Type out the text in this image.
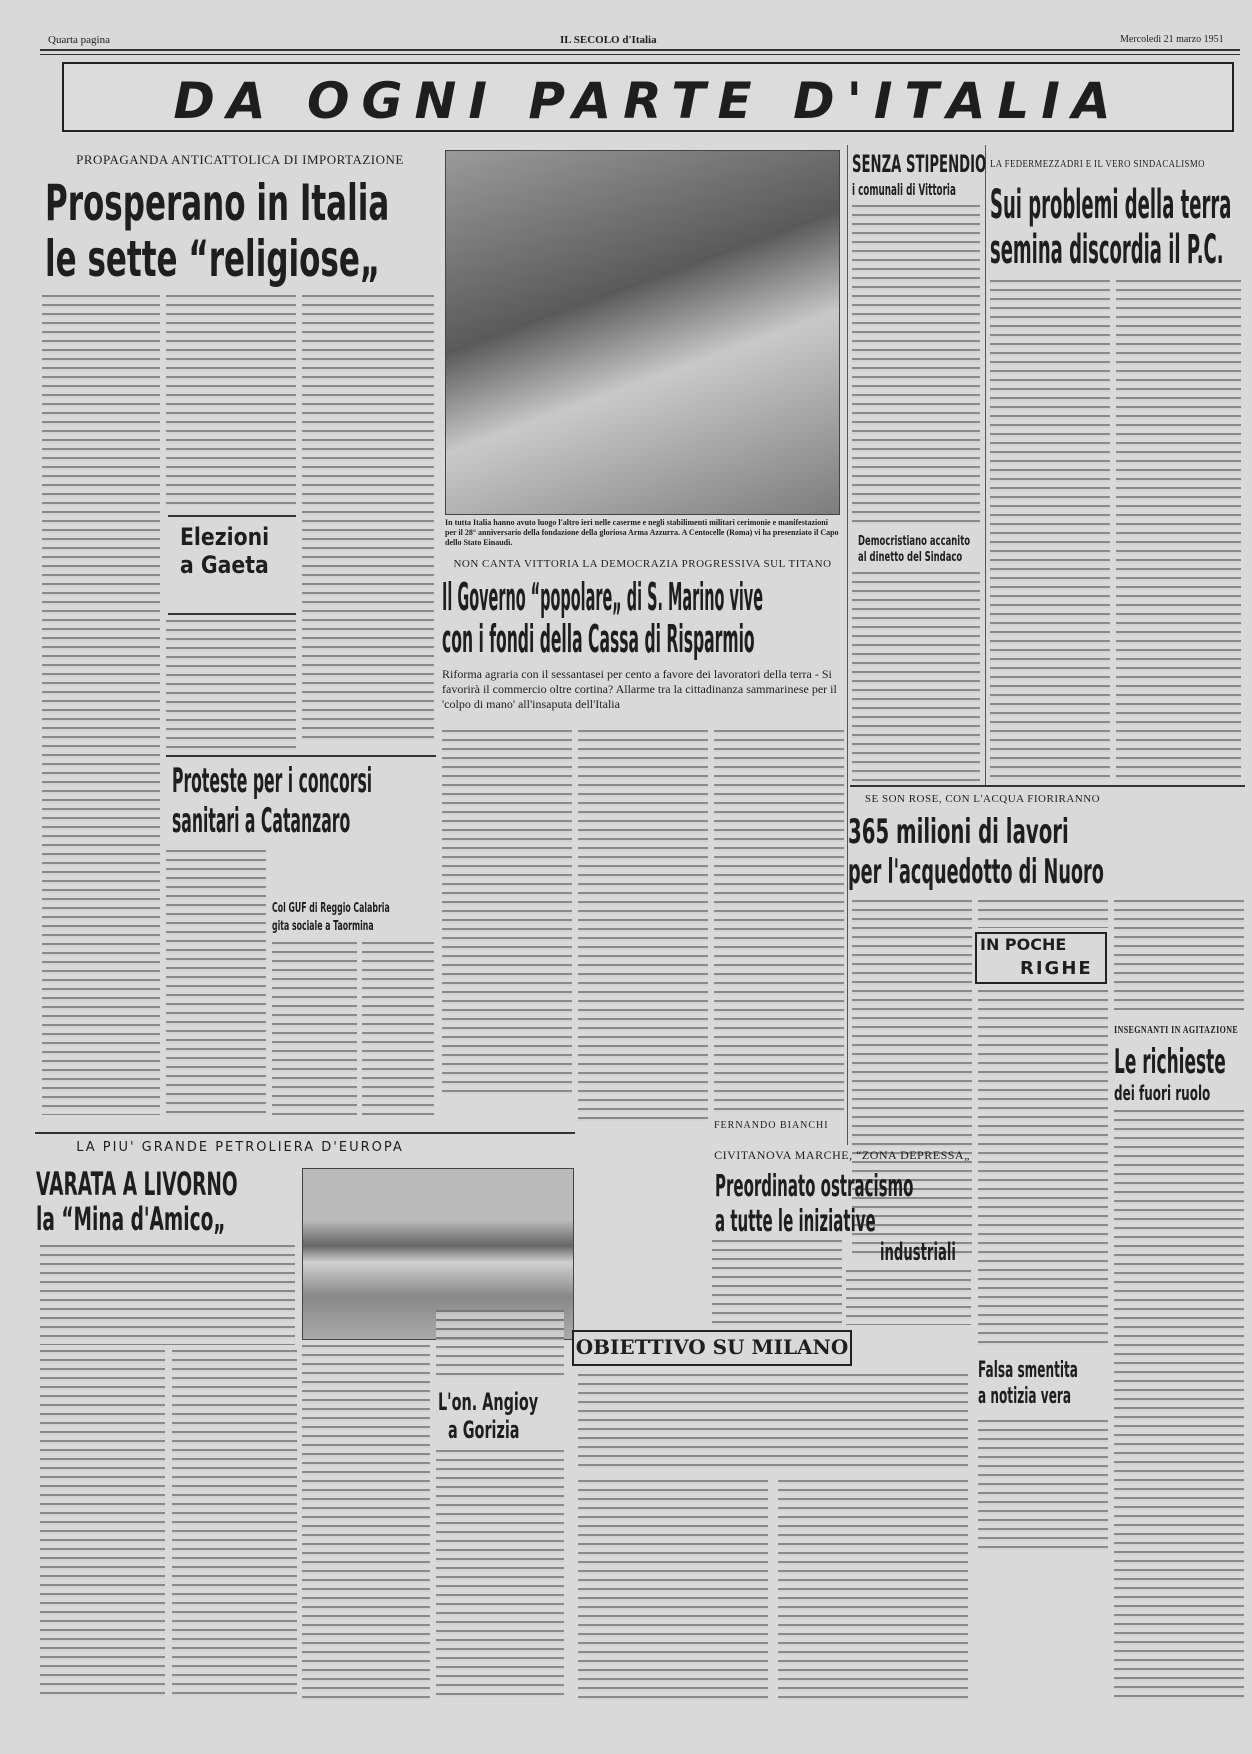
Quarta pagina	IL SECOLO d'Italia	Mercoledì 21 marzo 1951
DA OGNI PARTE D'ITALIA
PROPAGANDA ANTICATTOLICA DI IMPORTAZIONE
Prosperano in Italia
le sette “religiose„
Elezioni
a Gaeta
Proteste per i concorsi
sanitari a Catanzaro
Col GUF di Reggio Calabria
gita sociale a Taormina
In tutta Italia hanno avuto luogo l'altro ieri nelle caserme e negli stabilimenti militari cerimonie e manifestazioni per il 28° anniversario della fondazione della gloriosa Arma Azzurra. A Centocelle (Roma) vi ha presenziato il Capo dello Stato Einaudi.
NON CANTA VITTORIA LA DEMOCRAZIA PROGRESSIVA SUL TITANO
Il Governo “popolare„ di S. Marino vive
con i fondi della Cassa di Risparmio
Riforma agraria con il sessantasei per cento a favore dei lavoratori della terra - Si favorirà il commercio oltre cortina? Allarme tra la cittadinanza sammarinese per il 'colpo di mano' all'insaputa dell'Italia
FERNANDO BIANCHI
SENZA STIPENDIO
i comunali di Vittoria
Democristiano accanito
al dinetto del Sindaco
LA FEDERMEZZADRI E IL VERO SINDACALISMO
Sui problemi della terra
semina discordia il P.C.
SE SON ROSE, CON L'ACQUA FIORIRANNO
365 milioni di lavori
per l'acquedotto di Nuoro
IN POCHE
RIGHE
INSEGNANTI IN AGITAZIONE
Le richieste
dei fuori ruolo
Falsa smentita
a notizia vera
LA PIU' GRANDE PETROLIERA D'EUROPA
VARATA A LIVORNO
la “Mina d'Amico„
L'on. Angioy
a Gorizia
CIVITANOVA MARCHE, “ZONA DEPRESSA„
Preordinato ostracismo
a tutte le iniziative
industriali
OBIETTIVO SU MILANO
